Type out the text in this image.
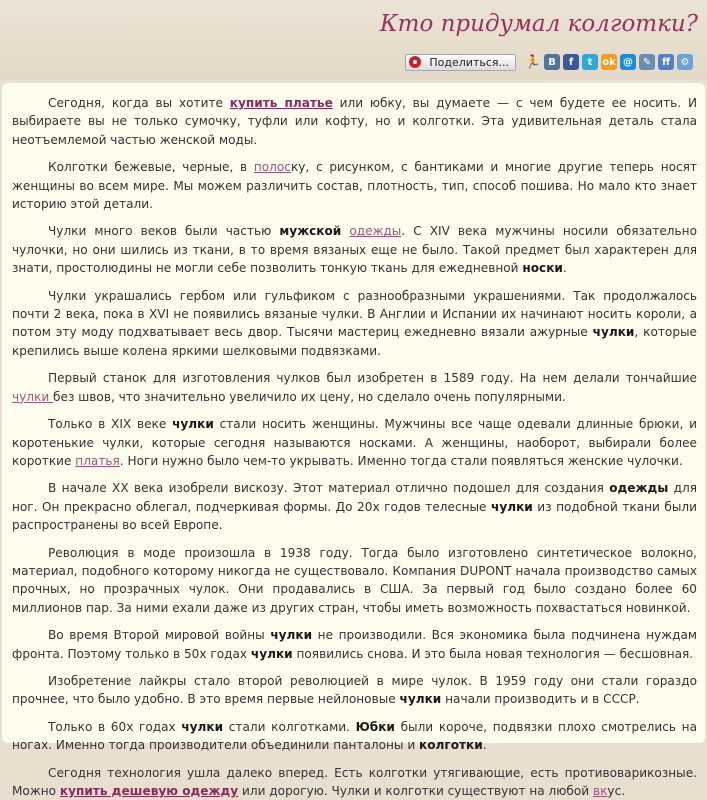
Кто придумал колготки?
Поделиться... 🏃 В	f	t ok @ ✎	ff	⚙

Сегодня, когда вы хотите купить платье или юбку, вы думаете — с чем будете ее носить. И выбираете вы не только сумочку, туфли или кофту, но и колготки. Эта удивительная деталь стала неотъемлемой частью женской моды.

Колготки бежевые, черные, в полоску, с рисунком, с бантиками и многие другие теперь носят женщины во всем мире. Мы можем различить состав, плотность, тип, способ пошива. Но мало кто знает историю этой детали.

Чулки много веков были частью мужской одежды. С XIV века мужчины носили обязательно чулочки, но они шились из ткани, в то время вязаных еще не было. Такой предмет был характерен для знати, простолюдины не могли себе позволить тонкую ткань для ежедневной носки.

Чулки украшались гербом или гульфиком с разнообразными украшениями. Так продолжалось почти 2 века, пока в XVI не появились вязаные чулки. В Англии и Испании их начинают носить короли, а потом эту моду подхватывает весь двор. Тысячи мастериц ежедневно вязали ажурные чулки, которые крепились выше колена яркими шелковыми подвязками.

Первый станок для изготовления чулков был изобретен в 1589 году. На нем делали тончайшие чулки без швов, что значительно увеличило их цену, но сделало очень популярными.

Только в XIX веке чулки стали носить женщины. Мужчины все чаще одевали длинные брюки, и коротенькие чулки, которые сегодня называются носками. А женщины, наоборот, выбирали более короткие платья. Ноги нужно было чем-то укрывать. Именно тогда стали появляться женские чулочки.

В начале XX века изобрели вискозу. Этот материал отлично подошел для создания одежды для ног. Он прекрасно облегал, подчеркивая формы. До 20х годов телесные чулки из подобной ткани были распространены во всей Европе.

Революция в моде произошла в 1938 году. Тогда было изготовлено синтетическое волокно, материал, подобного которому никогда не существовало. Компания DUPONT начала производство самых прочных, но прозрачных чулок. Они продавались в США. За первый год было создано более 60 миллионов пар. За ними ехали даже из других стран, чтобы иметь возможность похвастаться новинкой.

Во время Второй мировой войны чулки не производили. Вся экономика была подчинена нуждам фронта. Поэтому только в 50х годах чулки появились снова. И это была новая технология — бесшовная.

Изобретение лайкры стало второй революцией в мире чулок. В 1959 году они стали гораздо прочнее, что было удобно. В это время первые нейлоновые чулки начали производить и в СССР.

Только в 60х годах чулки стали колготками. Юбки были короче, подвязки плохо смотрелись на ногах. Именно тогда производители объединили панталоны и колготки.

Сегодня технология ушла далеко вперед. Есть колготки утягивающие, есть противоварикозные. Можно купить дешевую одежду или дорогую. Чулки и колготки существуют на любой вкус.
